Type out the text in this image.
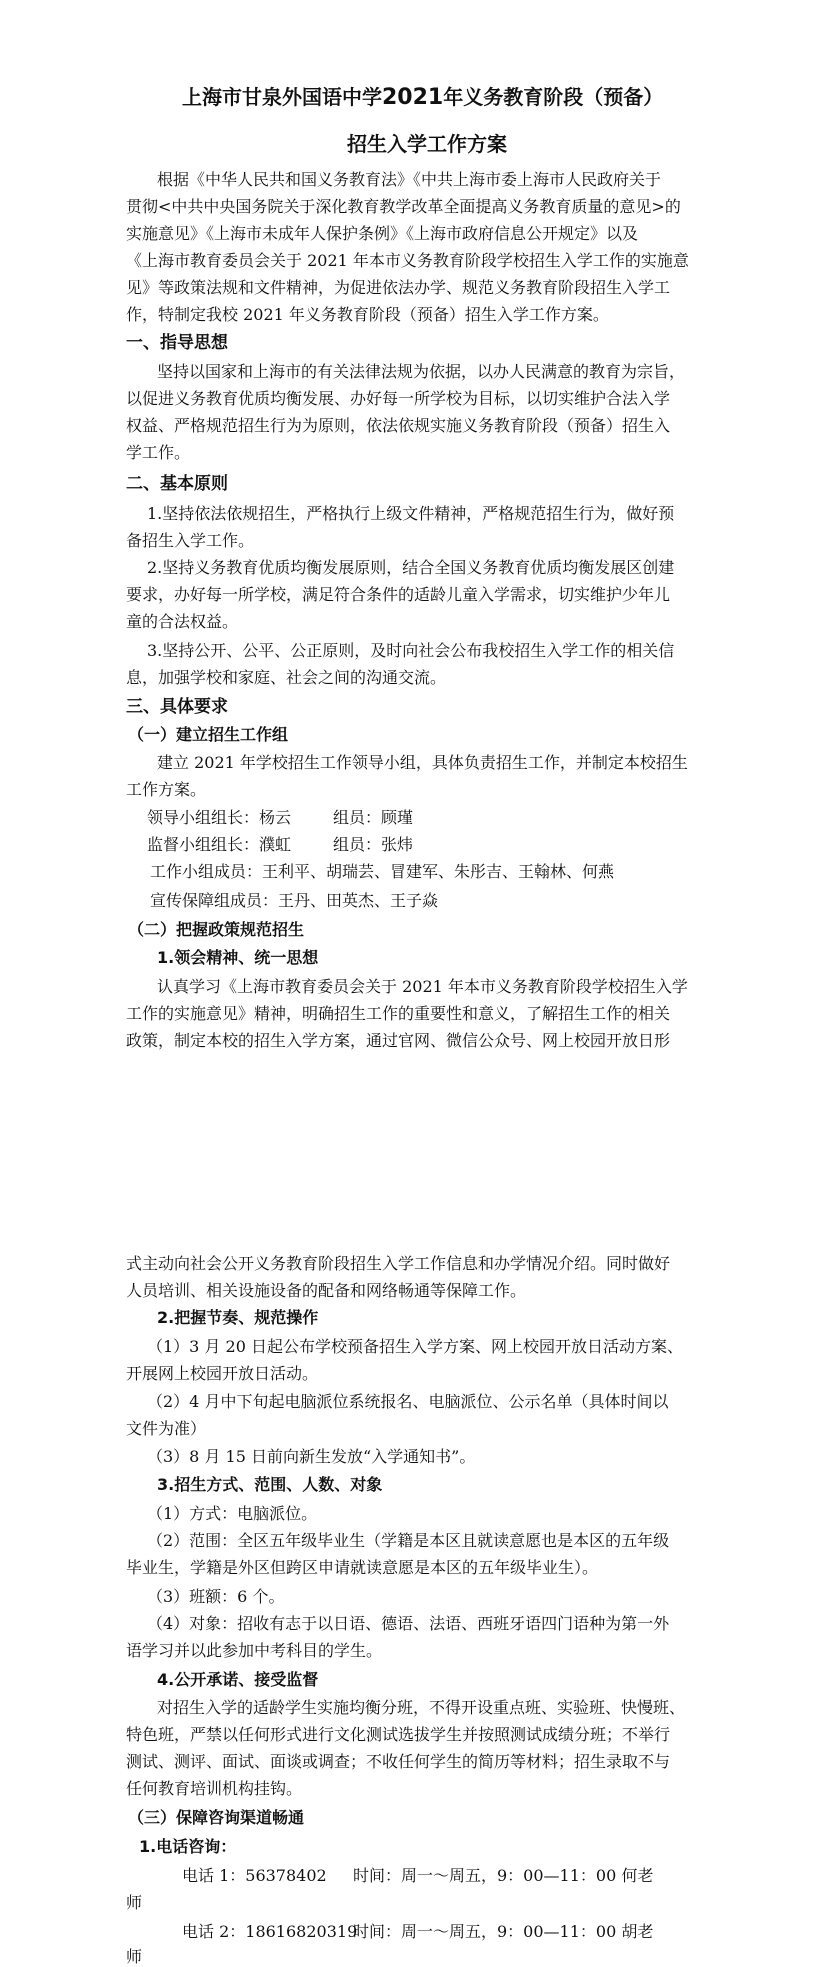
上海市甘泉外国语中学2021年义务教育阶段（预备）
招生入学工作方案
根据《中华人民共和国义务教育法》《中共上海市委上海市人民政府关于
贯彻<中共中央国务院关于深化教育教学改革全面提高义务教育质量的意见>的
实施意见》《上海市未成年人保护条例》《上海市政府信息公开规定》以及
《上海市教育委员会关于 2021 年本市义务教育阶段学校招生入学工作的实施意
见》等政策法规和文件精神，为促进依法办学、规范义务教育阶段招生入学工
作，特制定我校 2021 年义务教育阶段（预备）招生入学工作方案。
一、指导思想
坚持以国家和上海市的有关法律法规为依据，以办人民满意的教育为宗旨，
以促进义务教育优质均衡发展、办好每一所学校为目标，以切实维护合法入学
权益、严格规范招生行为为原则，依法依规实施义务教育阶段（预备）招生入
学工作。
二、基本原则
1.坚持依法依规招生，严格执行上级文件精神，严格规范招生行为，做好预
备招生入学工作。
2.坚持义务教育优质均衡发展原则，结合全国义务教育优质均衡发展区创建
要求，办好每一所学校，满足符合条件的适龄儿童入学需求，切实维护少年儿
童的合法权益。
3.坚持公开、公平、公正原则，及时向社会公布我校招生入学工作的相关信
息，加强学校和家庭、社会之间的沟通交流。
三、具体要求
（一）建立招生工作组
建立 2021 年学校招生工作领导小组，具体负责招生工作，并制定本校招生
工作方案。
领导小组组长：杨云	组员：顾瑾
监督小组组长：濮虹	组员：张炜
工作小组成员：王利平、胡瑞芸、冒建军、朱彤吉、王翰林、何燕
宣传保障组成员：王丹、田英杰、王子焱
（二）把握政策规范招生
1.领会精神、统一思想
认真学习《上海市教育委员会关于 2021 年本市义务教育阶段学校招生入学
工作的实施意见》精神，明确招生工作的重要性和意义，了解招生工作的相关
政策，制定本校的招生入学方案，通过官网、微信公众号、网上校园开放日形
式主动向社会公开义务教育阶段招生入学工作信息和办学情况介绍。同时做好
人员培训、相关设施设备的配备和网络畅通等保障工作。
2.把握节奏、规范操作
（1）3 月 20 日起公布学校预备招生入学方案、网上校园开放日活动方案、
开展网上校园开放日活动。
（2）4 月中下旬起电脑派位系统报名、电脑派位、公示名单（具体时间以
文件为准）
（3）8 月 15 日前向新生发放“入学通知书”。
3.招生方式、范围、人数、对象
（1）方式：电脑派位。
（2）范围：全区五年级毕业生（学籍是本区且就读意愿也是本区的五年级
毕业生，学籍是外区但跨区申请就读意愿是本区的五年级毕业生）。
（3）班额：6 个。
（4）对象：招收有志于以日语、德语、法语、西班牙语四门语种为第一外
语学习并以此参加中考科目的学生。
4.公开承诺、接受监督
对招生入学的适龄学生实施均衡分班，不得开设重点班、实验班、快慢班、
特色班，严禁以任何形式进行文化测试选拔学生并按照测试成绩分班；不举行
测试、测评、面试、面谈或调查；不收任何学生的简历等材料；招生录取不与
任何教育培训机构挂钩。
（三）保障咨询渠道畅通
1.电话咨询：
电话 1：56378402 时间：周一～周五，9：00—11：00 何老
师
电话 2：18616820319
时间：周一～周五，9：00—11：00 胡老
师
